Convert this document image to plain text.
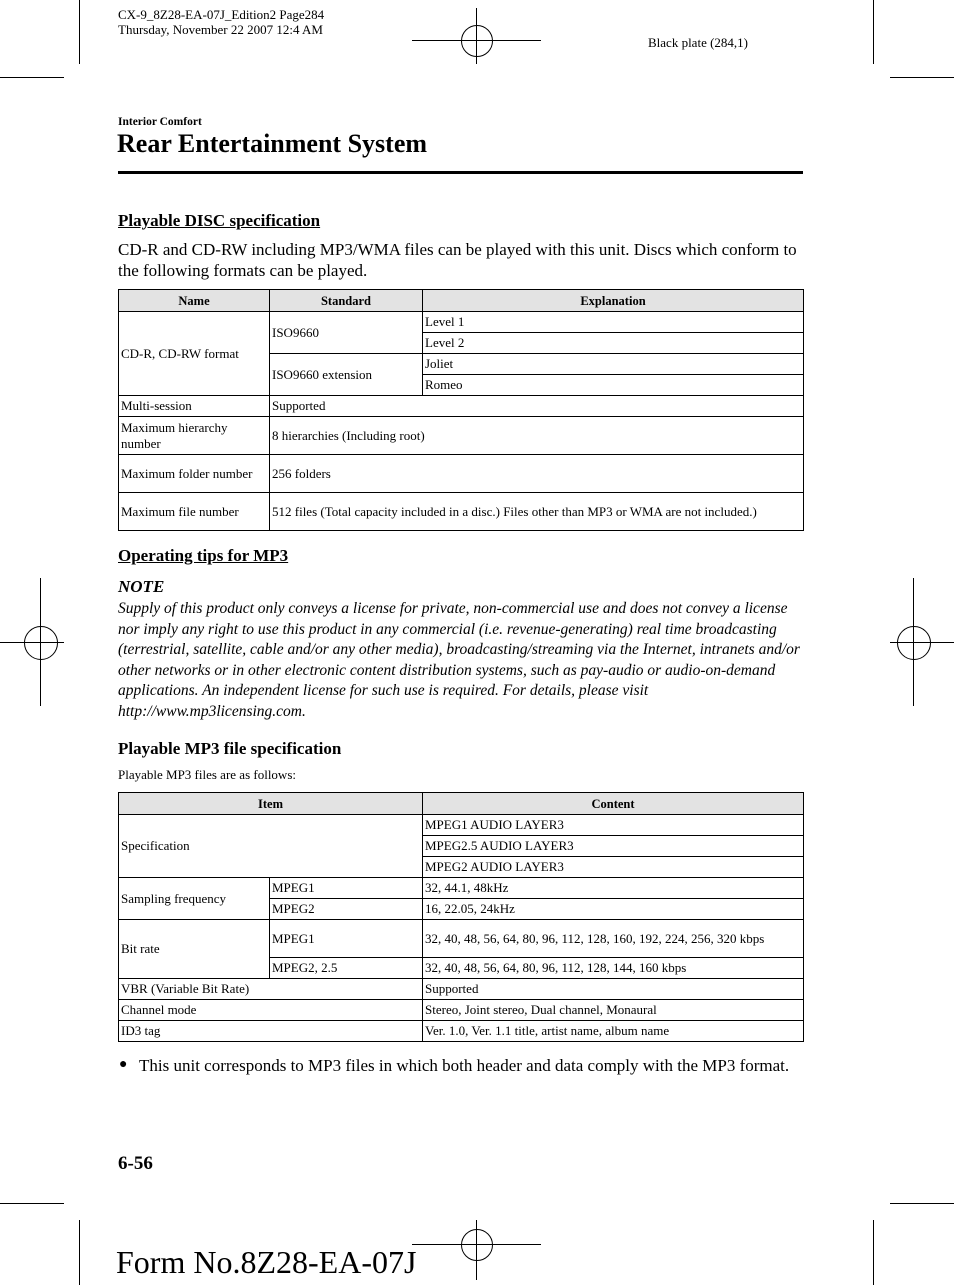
CX-9_8Z28-EA-07J_Edition2 Page284
Thursday, November 22 2007 12:4 AM
Black plate (284,1)
Interior Comfort
Rear Entertainment System
Playable DISC specification
CD-R and CD-RW including MP3/WMA files can be played with this unit. Discs which conform to the following formats can be played.
Name	Standard	Explanation
CD-R, CD-RW format	ISO9660	Level 1
		Level 2
	ISO9660 extension	Joliet
		Romeo
Multi-session	Supported	
Maximum hierarchy number	8 hierarchies (Including root)	
Maximum folder number	256 folders	
Maximum file number	512 files (Total capacity included in a disc.) Files other than MP3 or WMA are not included.)	
Operating tips for MP3
NOTE
Supply of this product only conveys a license for private, non-commercial use and does not convey a license nor imply any right to use this product in any commercial (i.e. revenue-generating) real time broadcasting (terrestrial, satellite, cable and/or any other media), broadcasting/streaming via the Internet, intranets and/or other networks or in other electronic content distribution systems, such as pay-audio or audio-on-demand applications. An independent license for such use is required. For details, please visit http://www.mp3licensing.com.
Playable MP3 file specification
Playable MP3 files are as follows:
Item		Content
Specification		MPEG1 AUDIO LAYER3
		MPEG2.5 AUDIO LAYER3
		MPEG2 AUDIO LAYER3
Sampling frequency	MPEG1	32, 44.1, 48kHz
	MPEG2	16, 22.05, 24kHz
Bit rate	MPEG1	32, 40, 48, 56, 64, 80, 96, 112, 128, 160, 192, 224, 256, 320 kbps
	MPEG2, 2.5	32, 40, 48, 56, 64, 80, 96, 112, 128, 144, 160 kbps
VBR (Variable Bit Rate)		Supported
Channel mode		Stereo, Joint stereo, Dual channel, Monaural
ID3 tag		Ver. 1.0, Ver. 1.1 title, artist name, album name
● This unit corresponds to MP3 files in which both header and data comply with the MP3 format.
6-56
Form No.8Z28-EA-07J
